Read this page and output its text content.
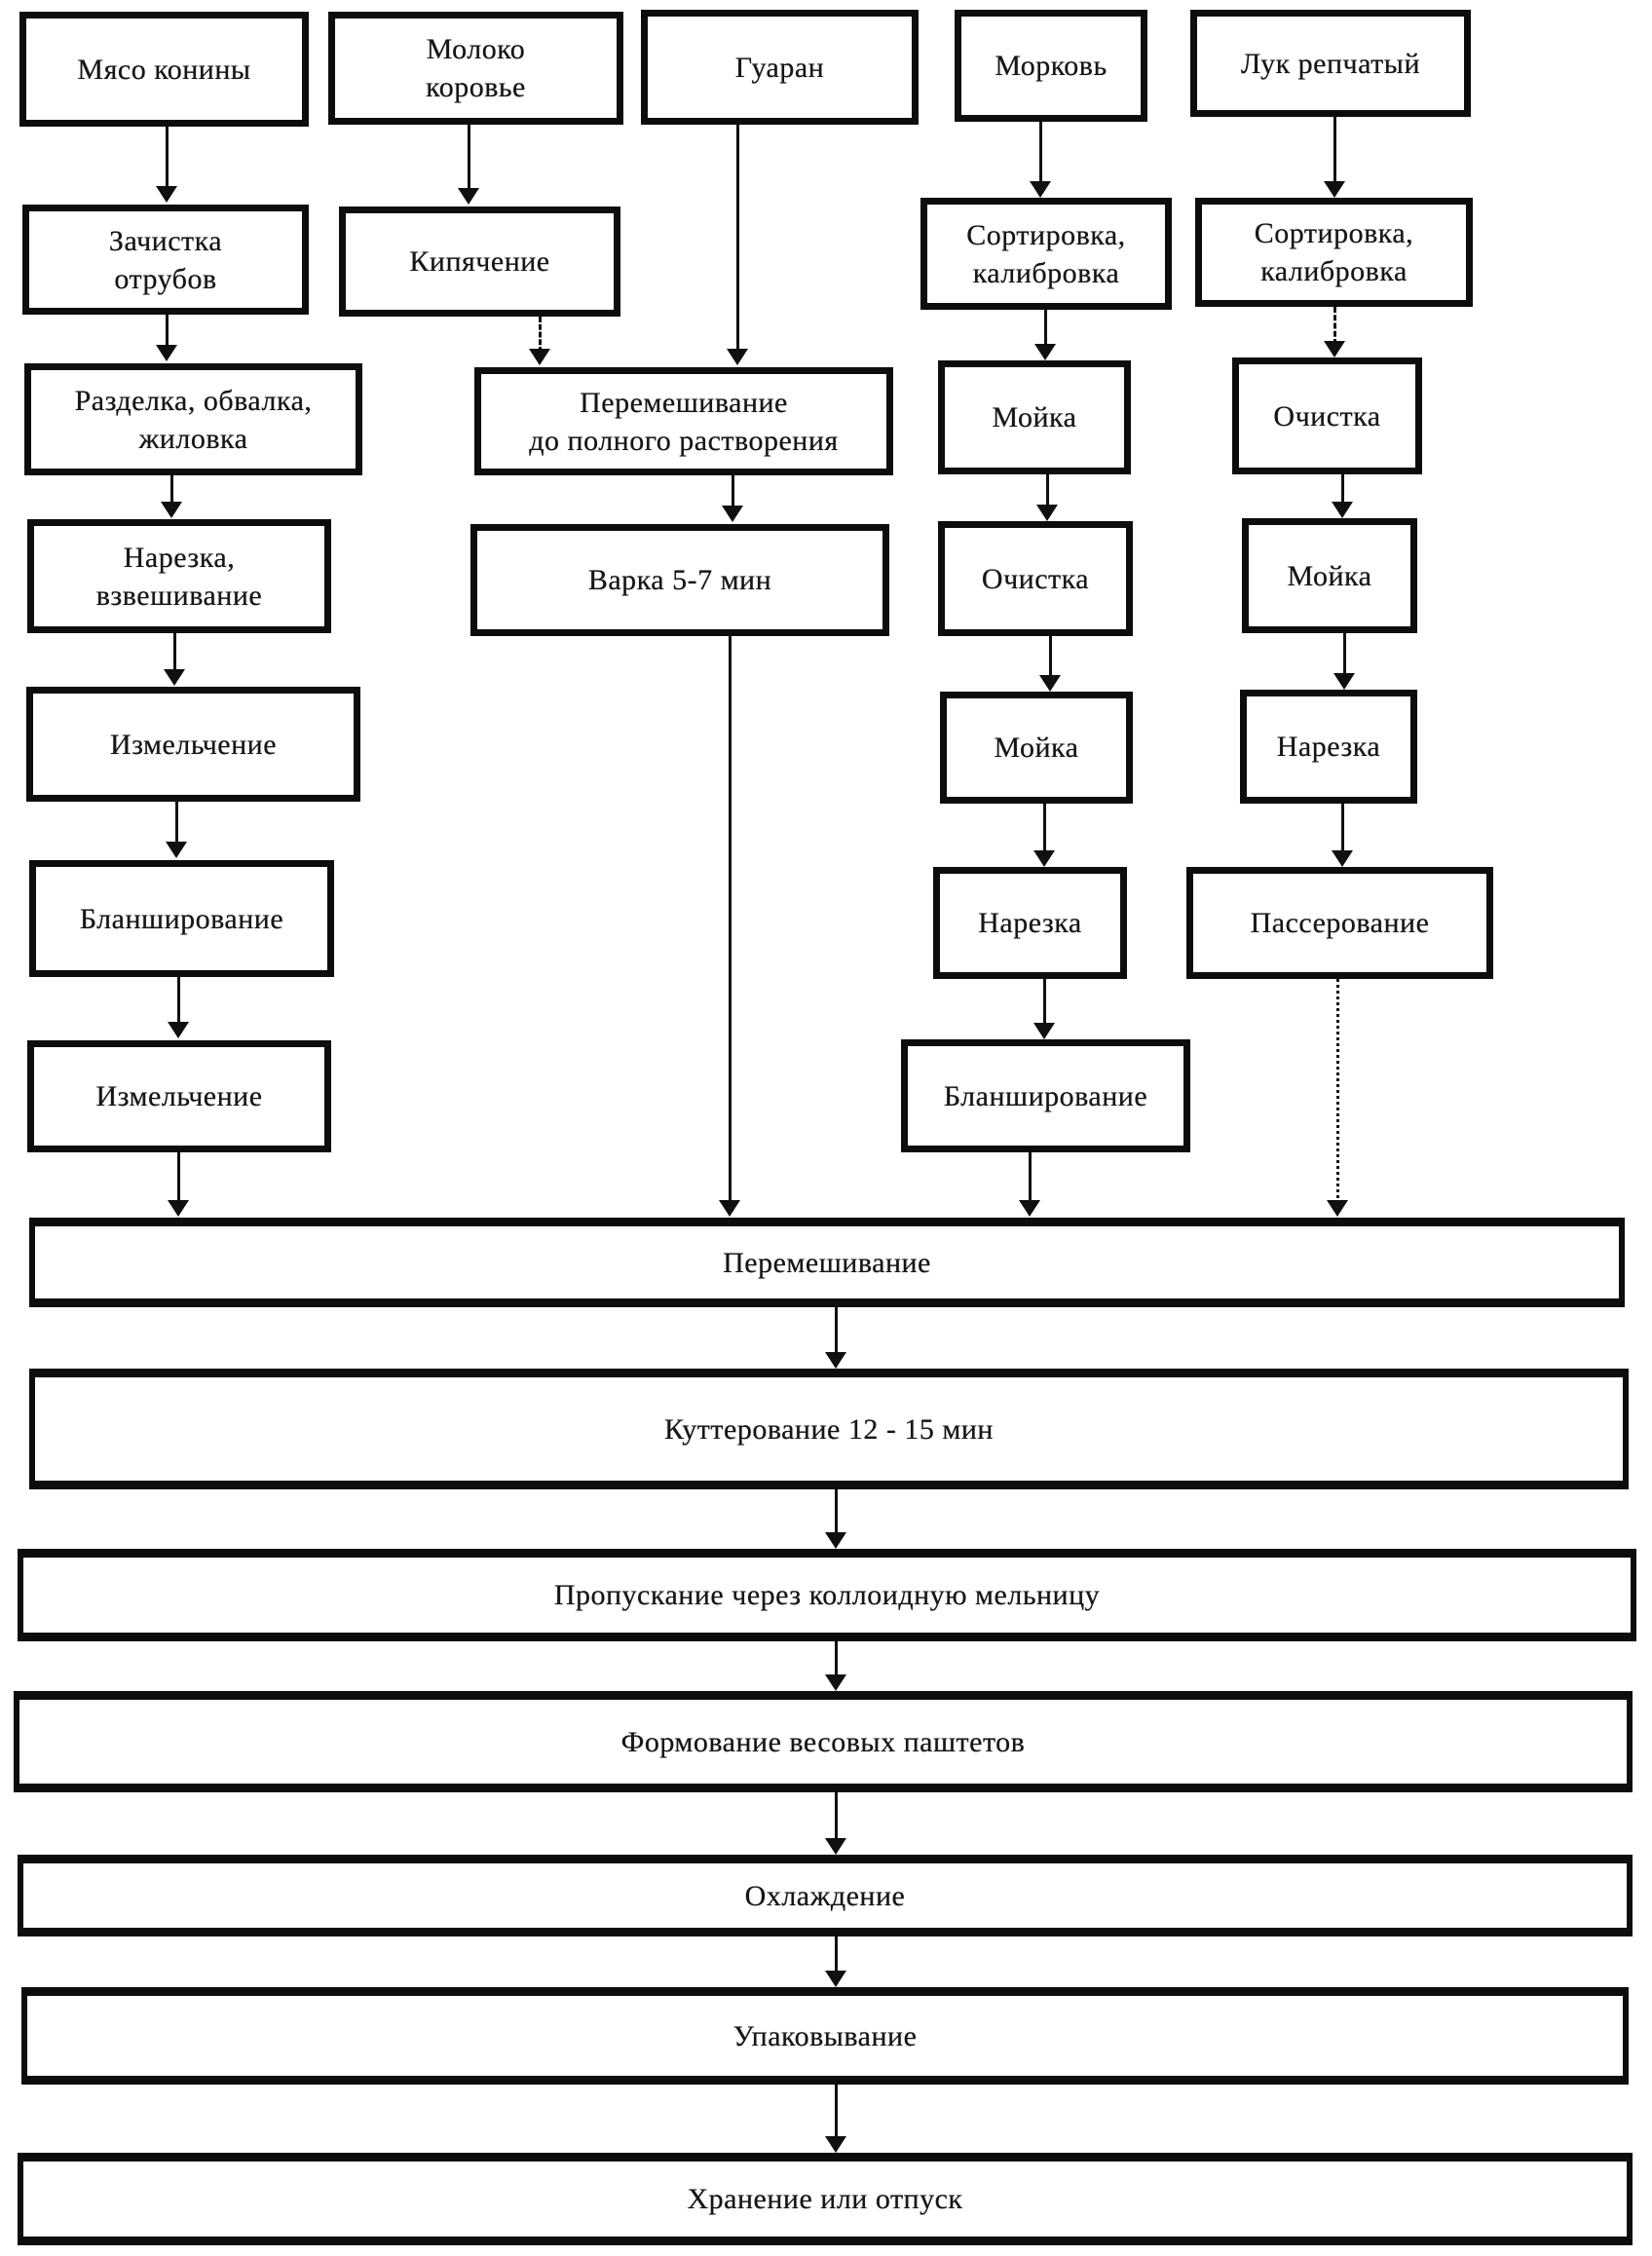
Мясо конины
Зачистка
отрубов
Разделка, обвалка,
жиловка
Нарезка,
взвешивание
Измельчение
Бланширование
Измельчение
Молоко
коровье
Кипячение
Гуаран
Перемешивание
до полного растворения
Варка 5-7 мин
Морковь
Сортировка,
калибровка
Мойка
Очистка
Мойка
Нарезка
Бланширование
Лук репчатый
Сортировка,
калибровка
Очистка
Мойка
Нарезка
Пассерование
Перемешивание
Куттерование 12 - 15 мин
Пропускание через коллоидную мельницу
Формование весовых паштетов
Охлаждение
Упаковывание
Хранение или отпуск
